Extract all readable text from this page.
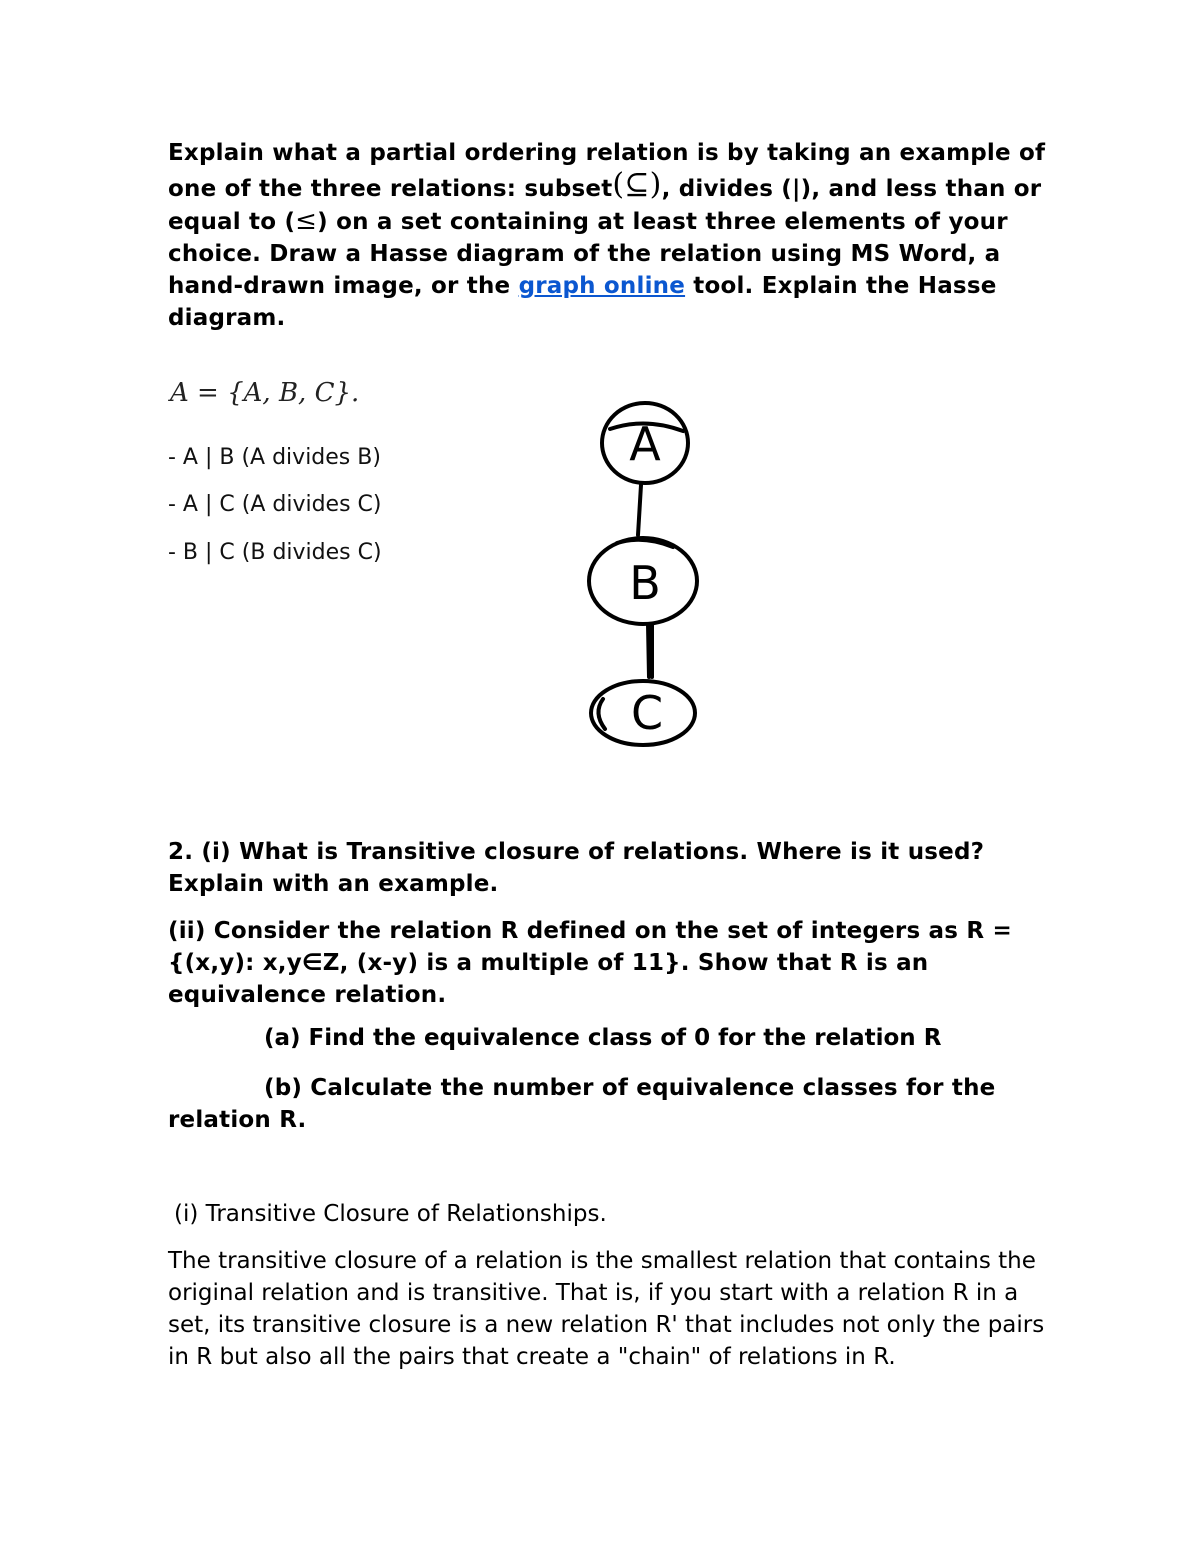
Explain what a partial ordering relation is by taking an example of one of the three relations: subset(⊆), divides (|), and less than or equal to (≤) on a set containing at least three elements of your choice. Draw a Hasse diagram of the relation using MS Word, a hand-drawn image, or the graph online tool. Explain the Hasse diagram.
A = {A, B, C}.
- A | B (A divides B)
- A | C (A divides C)
- B | C (B divides C)
A
B
C
2. (i) What is Transitive closure of relations. Where is it used? Explain with an example.
(ii) Consider the relation R defined on the set of integers as R = {(x,y): x,y∈Z, (x-y) is a multiple of 11}. Show that R is an equivalence relation.
(a) Find the equivalence class of 0 for the relation R
(b) Calculate the number of equivalence classes for the
relation R.
(i) Transitive Closure of Relationships.
The transitive closure of a relation is the smallest relation that contains the original relation and is transitive. That is, if you start with a relation R in a set, its transitive closure is a new relation R' that includes not only the pairs in R but also all the pairs that create a "chain" of relations in R.
